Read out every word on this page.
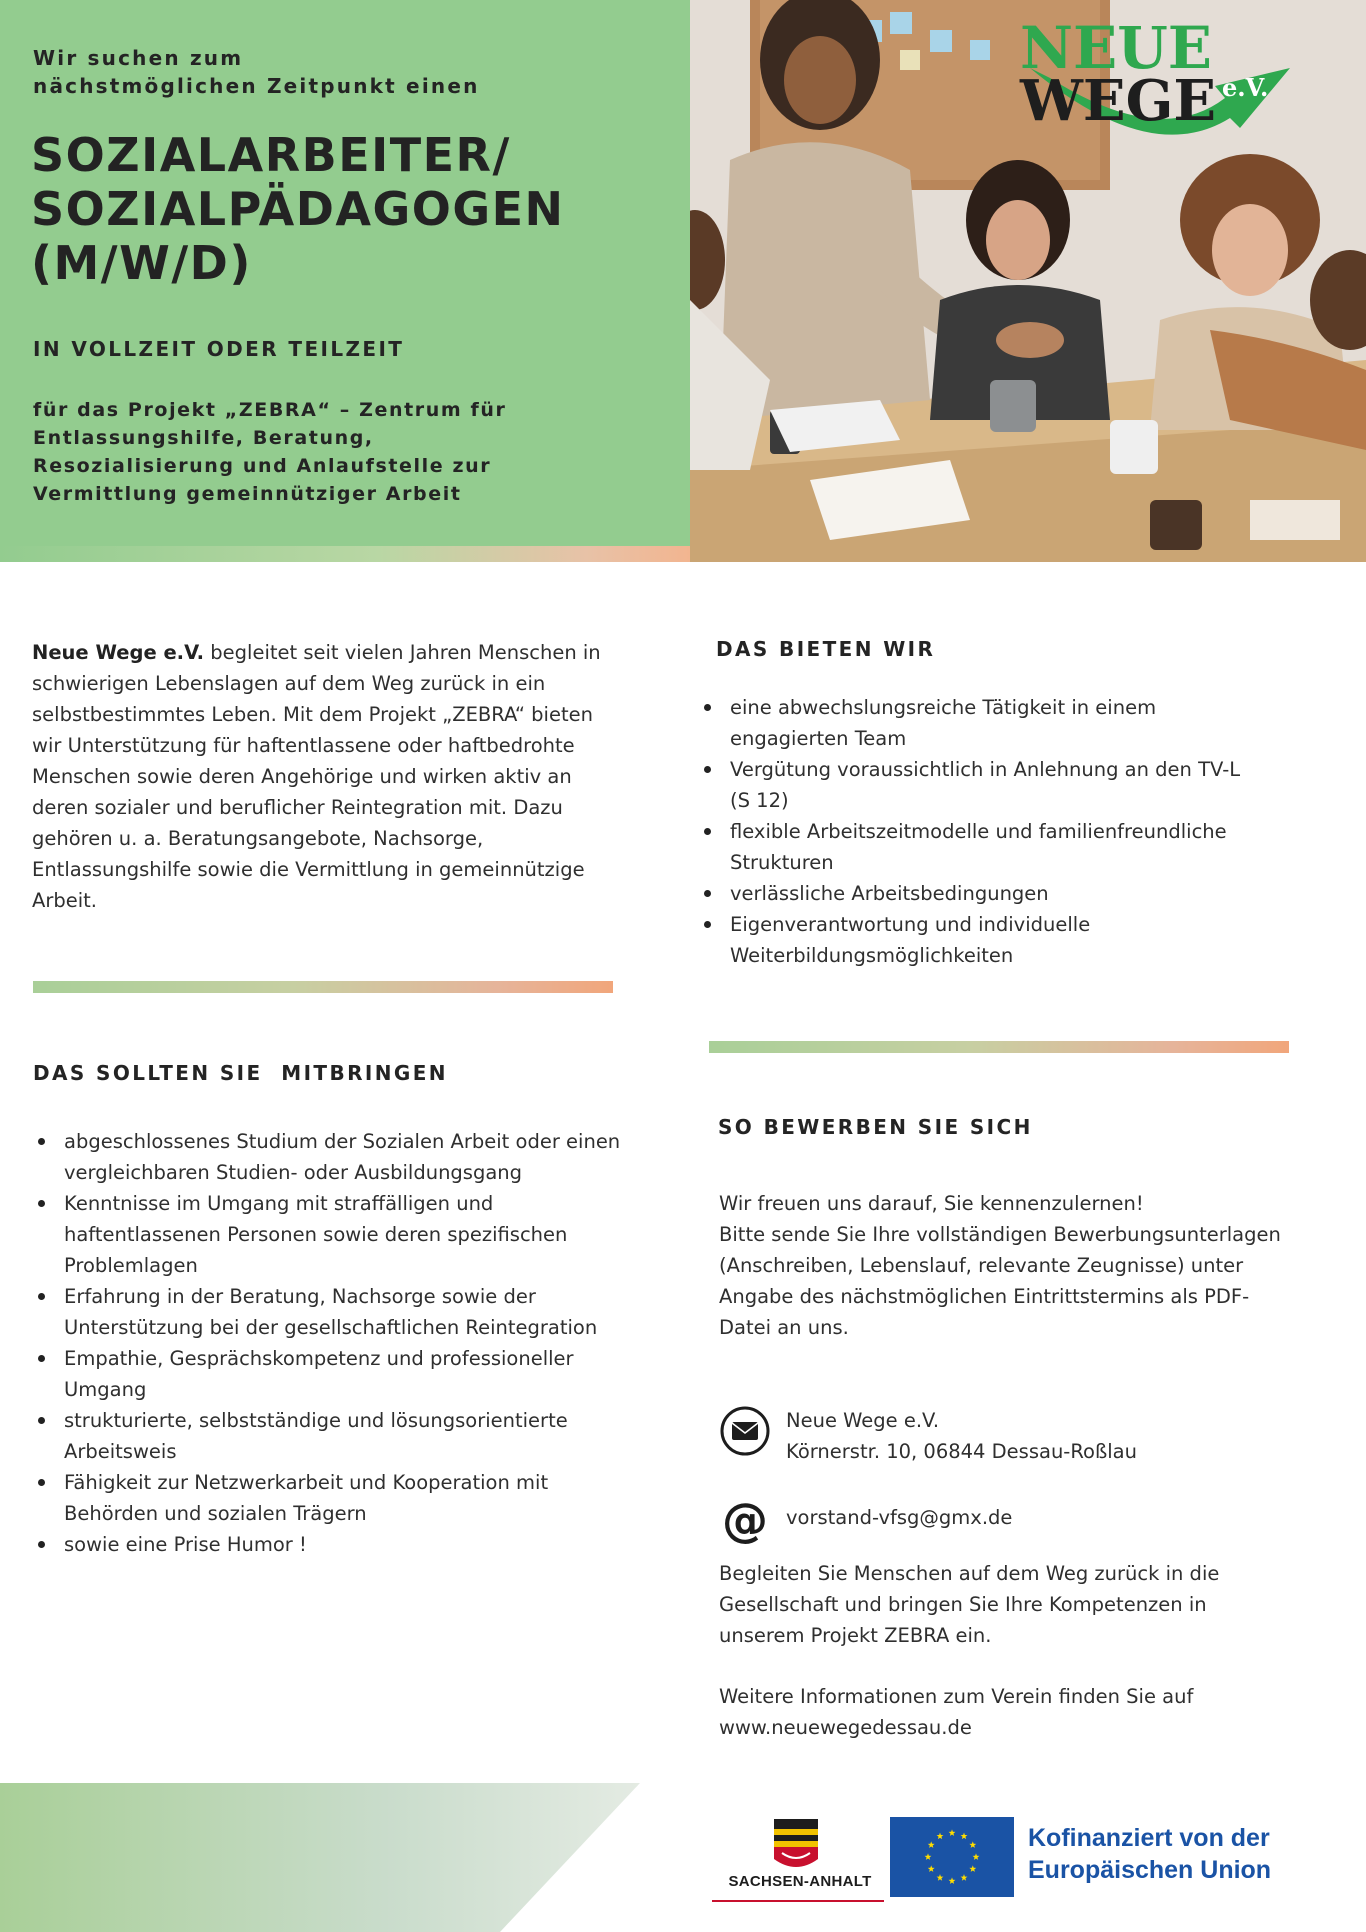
Wir suchen zum
nächstmöglichen Zeitpunkt einen
SOZIALARBEITER/
SOZIALPÄDAGOGEN
(M/W/D)
IN VOLLZEIT ODER TEILZEIT
für das Projekt „ZEBRA“ – Zentrum für
Entlassungshilfe, Beratung,
Resozialisierung und Anlaufstelle zur
Vermittlung gemeinnütziger Arbeit
NEUE
WEGE e.V.
Neue Wege e.V. begleitet seit vielen Jahren Menschen in schwierigen Lebenslagen auf dem Weg zurück in ein selbstbestimmtes Leben. Mit dem Projekt „ZEBRA“ bieten wir Unterstützung für haftentlassene oder haftbedrohte Menschen sowie deren Angehörige und wirken aktiv an deren sozialer und beruflicher Reintegration mit. Dazu gehören u. a. Beratungsangebote, Nachsorge, Entlassungshilfe sowie die Vermittlung in gemeinnützige Arbeit.
DAS BIETEN WIR
eine abwechslungsreiche Tätigkeit in einem engagierten Team
Vergütung voraussichtlich in Anlehnung an den TV-L (S 12)
flexible Arbeitszeitmodelle und familienfreundliche Strukturen
verlässliche Arbeitsbedingungen
Eigenverantwortung und individuelle Weiterbildungsmöglichkeiten
DAS SOLLTEN SIE  MITBRINGEN
abgeschlossenes Studium der Sozialen Arbeit oder einen vergleichbaren Studien- oder Ausbildungsgang
Kenntnisse im Umgang mit straffälligen und haftentlassenen Personen sowie deren spezifischen Problemlagen
Erfahrung in der Beratung, Nachsorge sowie der Unterstützung bei der gesellschaftlichen Reintegration
Empathie, Gesprächskompetenz und professioneller Umgang
strukturierte, selbstständige und lösungsorientierte Arbeitsweis
Fähigkeit zur Netzwerkarbeit und Kooperation mit Behörden und sozialen Trägern
sowie eine Prise Humor !
SO BEWERBEN SIE SICH
Wir freuen uns darauf, Sie kennenzulernen!
Bitte sende Sie Ihre vollständigen Bewerbungsunterlagen (Anschreiben, Lebenslauf, relevante Zeugnisse) unter Angabe des nächstmöglichen Eintrittstermins als PDF-Datei an uns.
Neue Wege e.V.
Körnerstr. 10, 06844 Dessau-Roßlau
@ vorstand-vfsg@gmx.de
Begleiten Sie Menschen auf dem Weg zurück in die Gesellschaft und bringen Sie Ihre Kompetenzen in unserem Projekt ZEBRA ein.
Weitere Informationen zum Verein finden Sie auf
www.neuewegedessau.de
SACHSEN-ANHALT
Kofinanziert von der
Europäischen Union
